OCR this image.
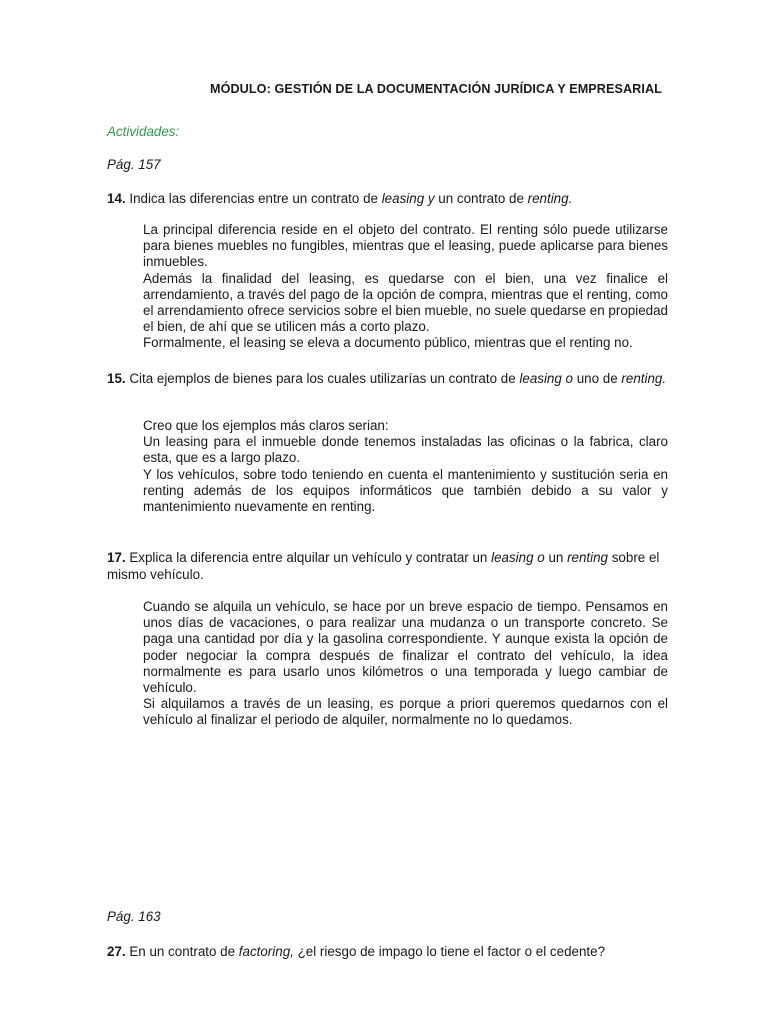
MÓDULO: GESTIÓN DE LA DOCUMENTACIÓN JURÍDICA Y EMPRESARIAL
Actividades:
Pág. 157
14. Indica las diferencias entre un contrato de leasing y un contrato de renting.

La principal diferencia reside en el objeto del contrato. El renting sólo puede utilizarse para bienes muebles no fungibles, mientras que el leasing, puede aplicarse para bienes inmuebles.

Además la finalidad del leasing, es quedarse con el bien, una vez finalice el arrendamiento, a través del pago de la opción de compra, mientras que el renting, como el arrendamiento ofrece servicios sobre el bien mueble, no suele quedarse en propiedad el bien, de ahí que se utilicen más a corto plazo.

Formalmente, el leasing se eleva a documento público, mientras que el renting no.

15. Cita ejemplos de bienes para los cuales utilizarías un contrato de leasing o uno de renting.

Creo que los ejemplos más claros serian:

Un leasing para el inmueble donde tenemos instaladas las oficinas o la fabrica, claro esta, que es a largo plazo.

Y los vehículos, sobre todo teniendo en cuenta el mantenimiento y sustitución seria en renting además de los equipos informáticos que también debido a su valor y mantenimiento nuevamente en renting.

17. Explica la diferencia entre alquilar un vehículo y contratar un leasing o un renting sobre el mismo vehículo.

Cuando se alquila un vehículo, se hace por un breve espacio de tiempo. Pensamos en unos días de vacaciones, o para realizar una mudanza o un transporte concreto. Se paga una cantidad por día y la gasolina correspondiente. Y aunque exista la opción de poder negociar la compra después de finalizar el contrato del vehículo, la idea normalmente es para usarlo unos kilómetros o una temporada y luego cambiar de vehículo.

Si alquilamos a través de un leasing, es porque a priori queremos quedarnos con el vehículo al finalizar el periodo de alquiler, normalmente no lo quedamos.

Pág. 163
27. En un contrato de factoring, ¿el riesgo de impago lo tiene el factor o el cedente?
